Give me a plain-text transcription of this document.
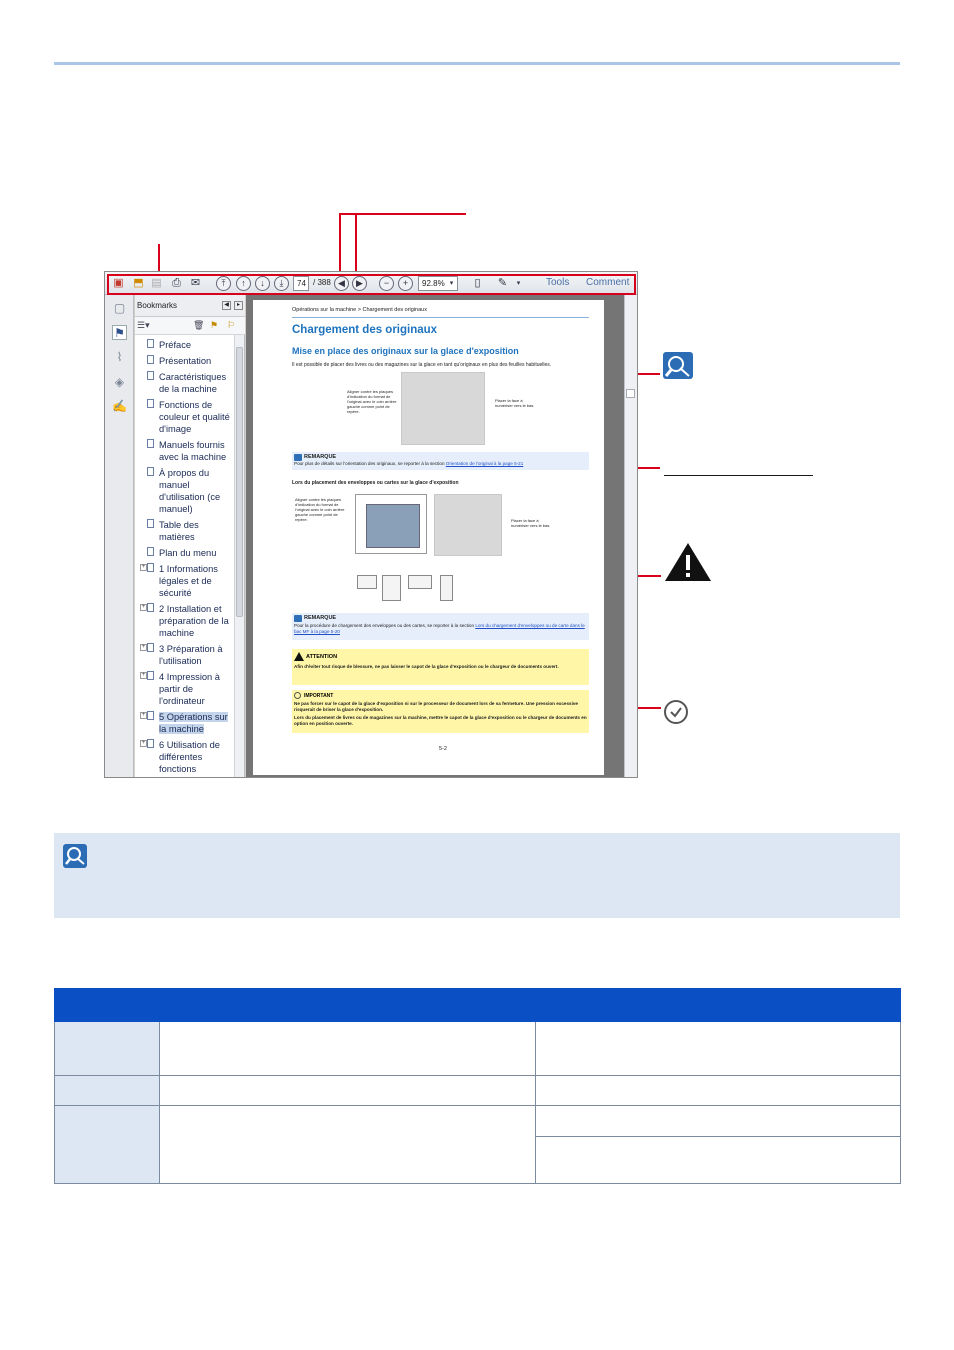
▣ ⬒ ▤ ⎙ ✉	⤒	↑	↓	⤓	74 / 388 ◀	▶	−	+	92.8% ▾	▯	✎	▾	Tools Comment
▢
⚑
⌇
◈
✍
Bookmarks	◀	▸
☰▾	🗑 ⚑ ⚐
Préface
Présentation
Caractéristiques de la machine
Fonctions de couleur et qualité d'image
Manuels fournis avec la machine
À propos du manuel d'utilisation (ce manuel)
Table des matières
Plan du menu
+ 1 Informations légales et de sécurité
+ 2 Installation et préparation de la machine
+ 3 Préparation à l'utilisation
+ 4 Impression à partir de l'ordinateur
+ 5 Opérations sur la machine
+ 6 Utilisation de différentes fonctions
Opérations sur la machine > Chargement des originaux
Chargement des originaux
Mise en place des originaux sur la glace d'exposition
Il est possible de placer des livres ou des magazines sur la glace en tant qu'originaux en plus des feuilles habituelles.
Aligner contre les plaques d'indication du format de l'original avec le coin arrière gauche comme point de repère.
Placer la face à numériser vers le bas.
REMARQUE
Pour plus de détails sur l'orientation des originaux, se reporter à la section Orientation de l'original à la page 5-21
Lors du placement des enveloppes ou cartes sur la glace d'exposition
Aligner contre les plaques d'indication du format de l'original avec le coin arrière gauche comme point de repère.	Placer la face à numériser vers le bas.
REMARQUE
Pour la procédure de chargement des enveloppes ou des cartes, se reporter à la section Lors du chargement d'enveloppes ou de carte dans le bac MF à la page 5-20
ATTENTION
Afin d'éviter tout risque de blessure, ne pas laisser le capot de la glace d'exposition ou le chargeur de documents ouvert.
IMPORTANT
Ne pas forcer sur le capot de la glace d'exposition ni sur le processeur de document lors de sa fermeture. Une pression excessive risquerait de briser la glace d'exposition.
Lors du placement de livres ou de magazines sur la machine, mettre le capot de la glace d'exposition ou le chargeur de documents en option en position ouverte.
5-2
